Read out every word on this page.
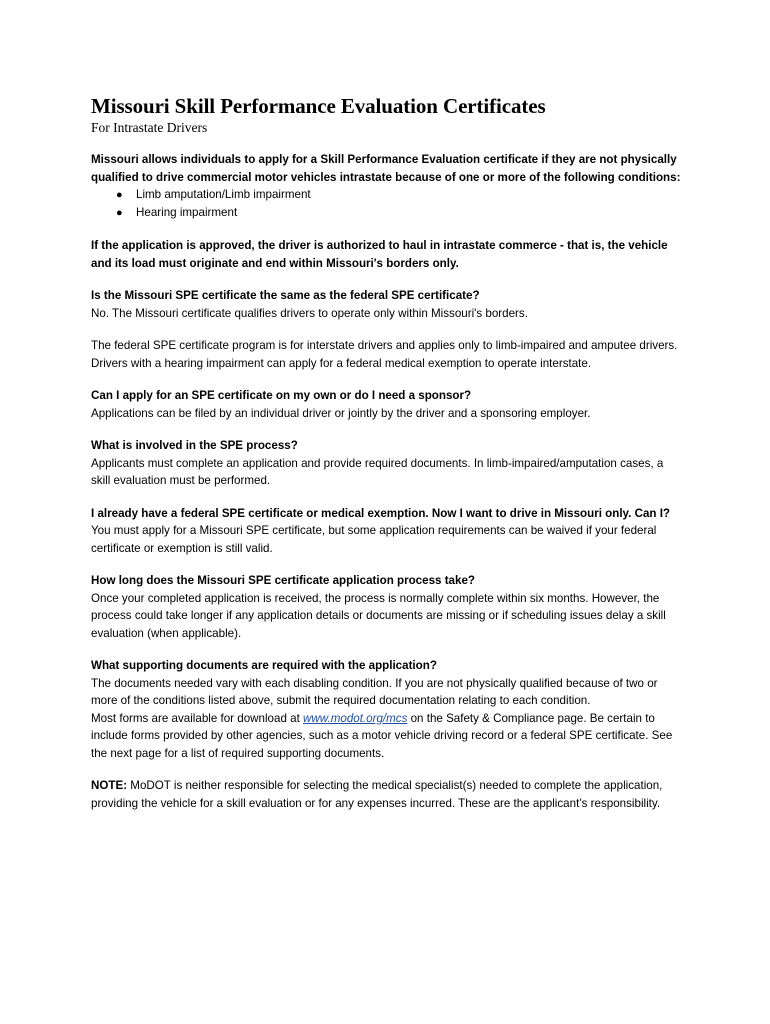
Missouri Skill Performance Evaluation Certificates
For Intrastate Drivers

Missouri allows individuals to apply for a Skill Performance Evaluation certificate if they are not physically qualified to drive commercial motor vehicles intrastate because of one or more of the following conditions:

● Limb amputation/Limb impairment
● Hearing impairment

If the application is approved, the driver is authorized to haul in intrastate commerce - that is, the vehicle and its load must originate and end within Missouri's borders only.

Is the Missouri SPE certificate the same as the federal SPE certificate?

No. The Missouri certificate qualifies drivers to operate only within Missouri's borders.

The federal SPE certificate program is for interstate drivers and applies only to limb-impaired and amputee drivers. Drivers with a hearing impairment can apply for a federal medical exemption to operate interstate.

Can I apply for an SPE certificate on my own or do I need a sponsor?

Applications can be filed by an individual driver or jointly by the driver and a sponsoring employer.

What is involved in the SPE process?

Applicants must complete an application and provide required documents. In limb-impaired/amputation cases, a skill evaluation must be performed.

I already have a federal SPE certificate or medical exemption. Now I want to drive in Missouri only. Can I?

You must apply for a Missouri SPE certificate, but some application requirements can be waived if your federal certificate or exemption is still valid.

How long does the Missouri SPE certificate application process take?

Once your completed application is received, the process is normally complete within six months. However, the process could take longer if any application details or documents are missing or if scheduling issues delay a skill evaluation (when applicable).

What supporting documents are required with the application?

The documents needed vary with each disabling condition. If you are not physically qualified because of two or more of the conditions listed above, submit the required documentation relating to each condition.

Most forms are available for download at www.modot.org/mcs on the Safety & Compliance page. Be certain to include forms provided by other agencies, such as a motor vehicle driving record or a federal SPE certificate. See the next page for a list of required supporting documents.

NOTE: MoDOT is neither responsible for selecting the medical specialist(s) needed to complete the application, providing the vehicle for a skill evaluation or for any expenses incurred. These are the applicant’s responsibility.
